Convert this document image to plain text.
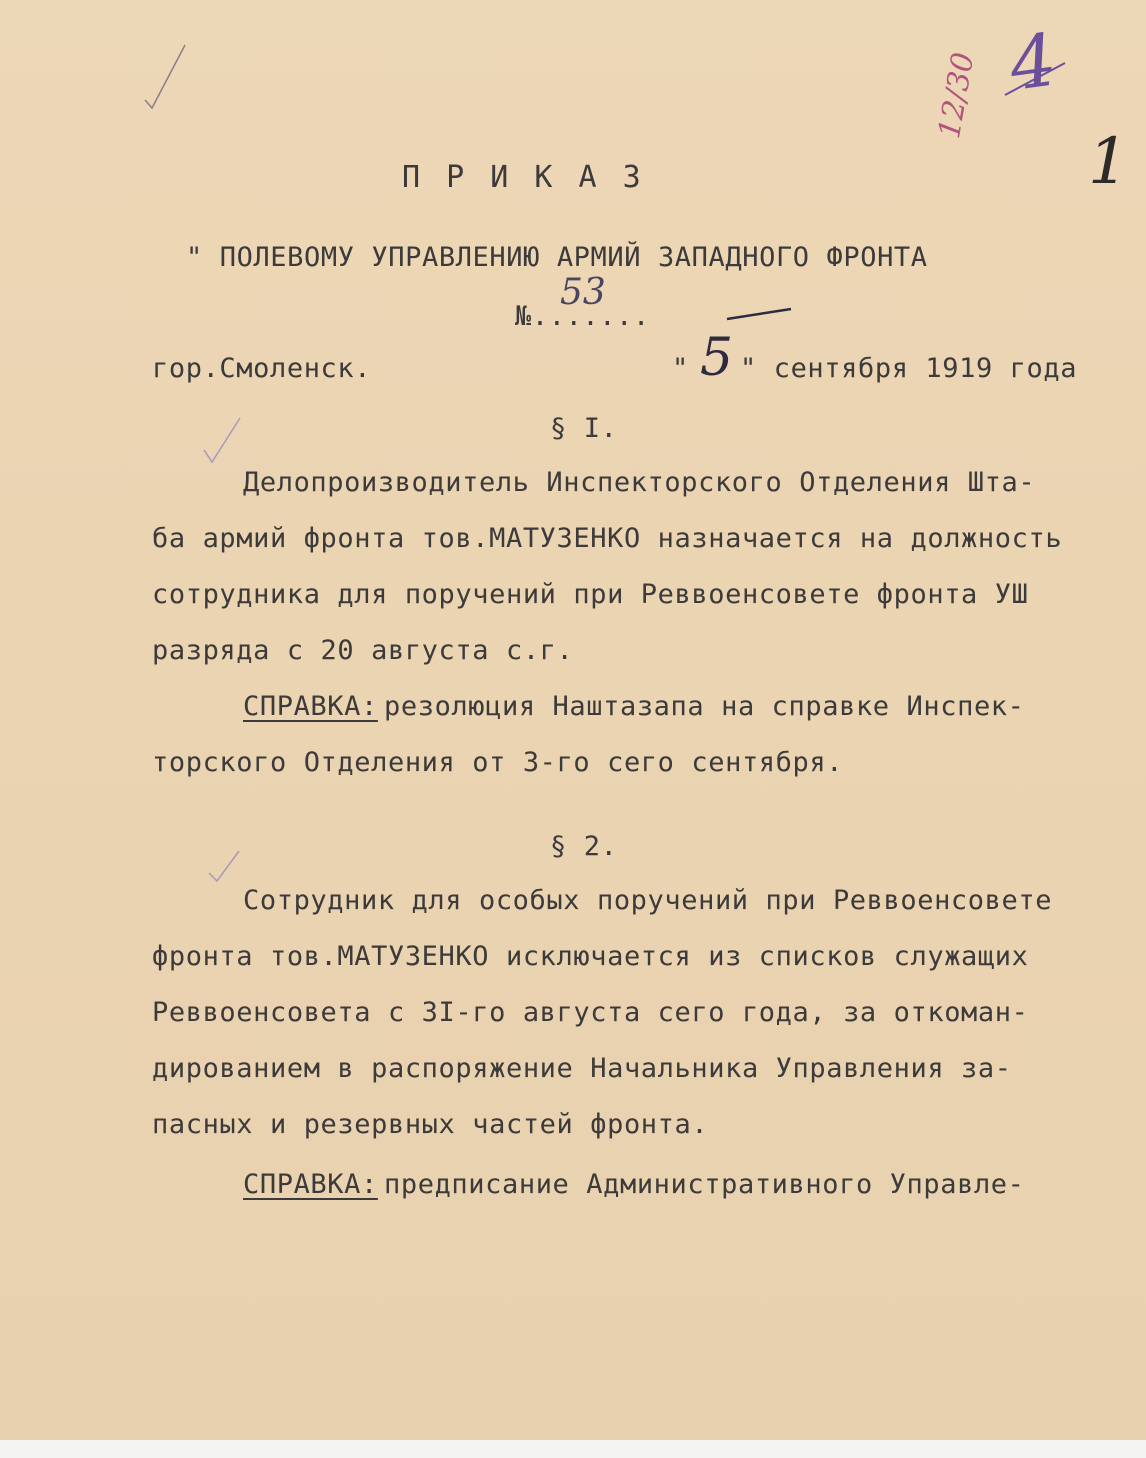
4
12/30
1
П Р И К А З
" ПОЛЕВОМУ УПРАВЛЕНИЮ АРМИЙ ЗАПАДНОГО ФРОНТА
№.......
53
гор.Смоленск.	" 5 " сентября 1919 года
§ I.
Делопроизводитель Инспекторского Отделения Шта-
ба армий фронта тов.МАТУЗЕНКО назначается на должность
сотрудника для поручений при Реввоенсовете фронта УШ
разряда с 20 августа с.г.
СПРАВКА: резолюция Наштазапа на справке Инспек-
торского Отделения от 3-го сего сентября.
§ 2.
Сотрудник для особых поручений при Реввоенсовете
фронта тов.МАТУЗЕНКО исключается из списков служащих
Реввоенсовета с 3I-го августа сего года, за откоман-
дированием в распоряжение Начальника Управления за-
пасных и резервных частей фронта.
СПРАВКА: предписание Административного Управле-
